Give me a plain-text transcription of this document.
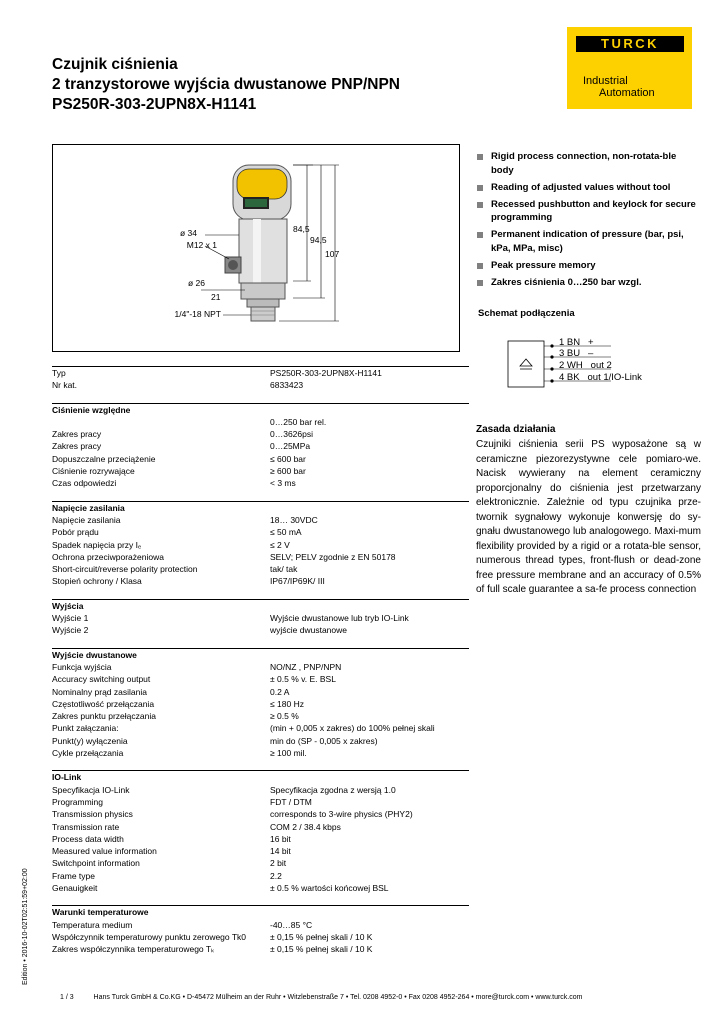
Czujnik ciśnienia
2 tranzystorowe wyjścia dwustanowe PNP/NPN
PS250R-303-2UPN8X-H1141
TURCK
Industrial
Automation
ø 34
M12 x 1
ø 26
21
1/4"-18 NPT
84,5
94,5
107
Rigid process connection, non-rotata-ble body
Reading of adjusted values without tool
Recessed pushbutton and keylock for secure programming
Permanent indication of pressure (bar, psi, kPa, MPa, misc)
Peak pressure memory
Zakres ciśnienia 0…250 bar wzgl.
Schemat podłączenia
1 BN   +
3 BU   –
2 WH   out 2
4 BK   out 1/IO-Link
Zasada działania
Czujniki ciśnienia serii PS wyposażone są w ceramiczne piezorezystywne cele pomiaro-we. Nacisk wywierany na element ceramiczny proporcjonalny do ciśnienia jest przetwarzany elektronicznie. Zależnie od typu czujnika prze-twornik sygnałowy wykonuje konwersję do sy-gnału dwustanowego lub analogowego. Maxi-mum flexibility provided by a rigid or a rotata-ble sensor, numerous thread types, front-flush or dead-zone free pressure membrane and an accuracy of 0.5% of full scale guarantee a sa-fe process connection
Typ	PS250R-303-2UPN8X-H1141
Nr kat.	6833423
Ciśnienie względne
0…250 bar rel.
Zakres pracy	0…3626psi
Zakres pracy	0…25MPa
Dopuszczalne przeciążenie	≤ 600 bar
Ciśnienie rozrywające	≥ 600 bar
Czas odpowiedzi	< 3 ms
Napięcie zasilania
Napięcie zasilania	18… 30VDC
Pobór prądu	≤ 50 mA
Spadek napięcia przy Iₑ	≤ 2 V
Ochrona przeciwporażeniowa	SELV; PELV zgodnie z EN 50178
Short-circuit/reverse polarity protection	tak/ tak
Stopień ochrony / Klasa	IP67/IP69K/ III
Wyjścia
Wyjście 1	Wyjście dwustanowe lub tryb IO-Link
Wyjście 2	wyjście dwustanowe
Wyjście dwustanowe
Funkcja wyjścia	NO/NZ , PNP/NPN
Accuracy switching output	± 0.5 % v. E. BSL
Nominalny prąd zasilania	0.2 A
Częstotliwość przełączania	≤ 180 Hz
Zakres punktu przełączania	≥ 0.5 %
Punkt załączania:	(min + 0,005 x zakres) do 100% pełnej skali
Punkt(y) wyłączenia	min do (SP - 0,005 x zakres)
Cykle przełączania	≥ 100 mil.
IO-Link
Specyfikacja IO-Link	Specyfikacja zgodna z wersją 1.0
Programming	FDT / DTM
Transmission physics	corresponds to 3-wire physics (PHY2)
Transmission rate	COM 2 / 38.4 kbps
Process data width	16 bit
Measured value information	14 bit
Switchpoint information	2 bit
Frame type	2.2
Genauigkeit	± 0.5 % wartości końcowej BSL
Warunki temperaturowe
Temperatura medium	-40…85 °C
Współczynnik temperaturowy punktu zerowego Tk0	± 0,15 % pełnej skali / 10 K
Zakres współczynnika temperaturowego Tₖ	± 0,15 % pełnej skali / 10 K
1 / 3	Hans Turck GmbH & Co.KG • D-45472 Mülheim an der Ruhr • Witzlebenstraße 7 • Tel. 0208 4952-0 • Fax 0208 4952-264 • more@turck.com • www.turck.com
Edition • 2016-10-02T02:51:59+02:00
